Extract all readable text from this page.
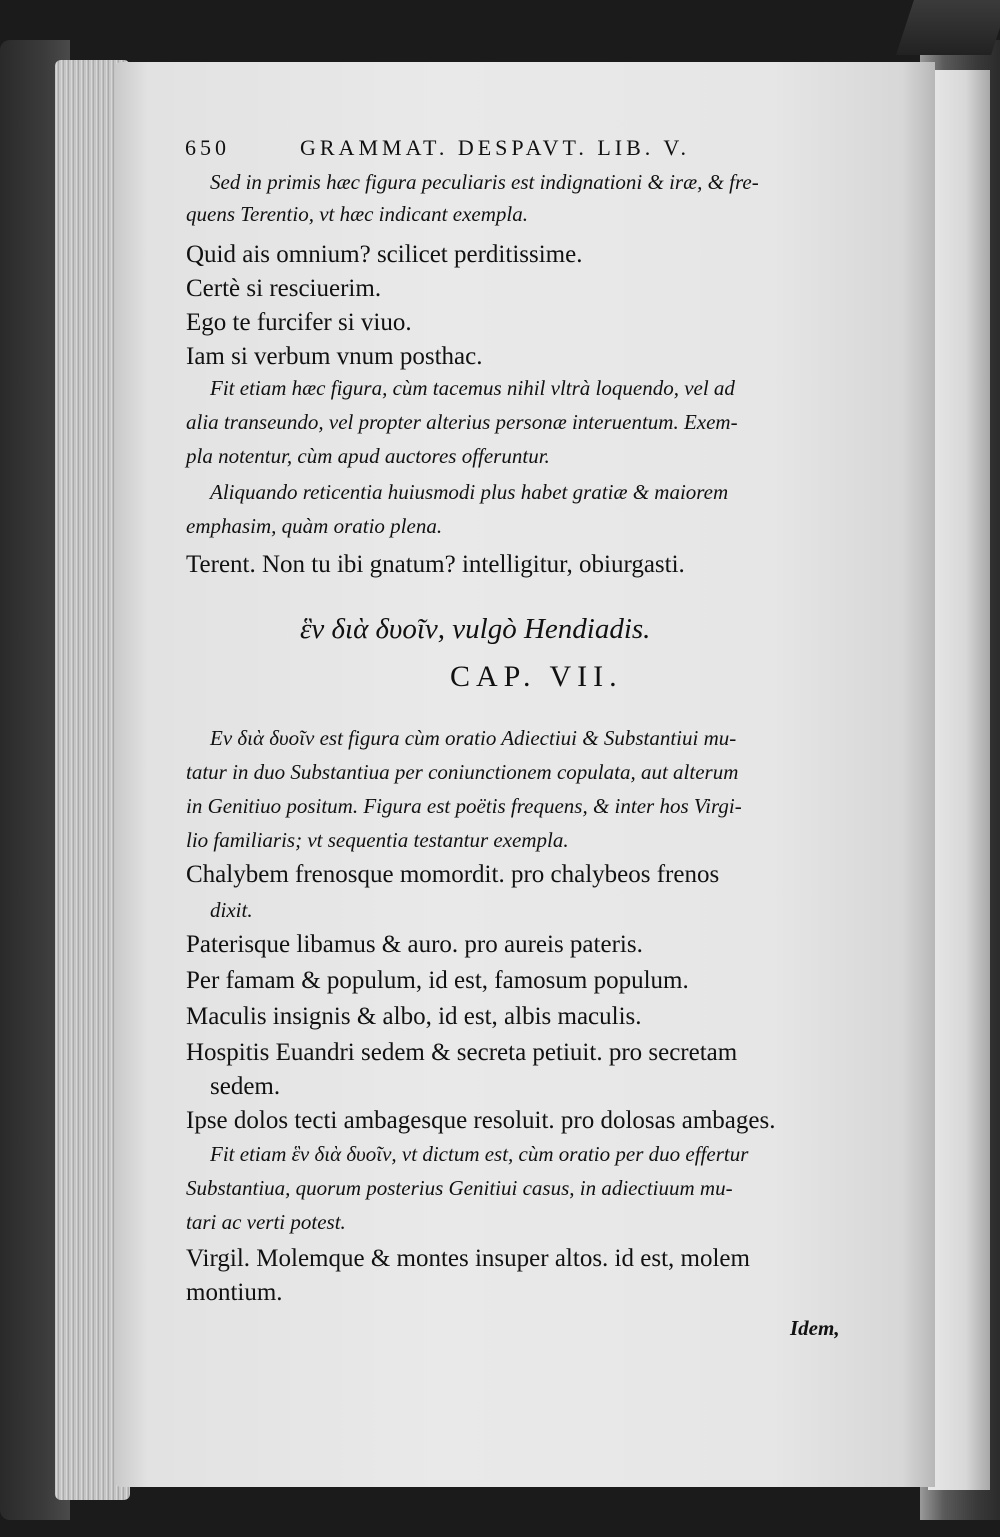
650	GRAMMAT. DESPAVT. LIB. V.
Sed in primis hæc figura peculiaris est indignationi & iræ, & fre-
quens Terentio, vt hæc indicant exempla.
Quid ais omnium? scilicet perditissime.
Certè si resciuerim.
Ego te furcifer si viuo.
Iam si verbum vnum posthac.
Fit etiam hæc figura, cùm tacemus nihil vltrà loquendo, vel ad
alia transeundo, vel propter alterius personæ interuentum. Exem-
pla notentur, cùm apud auctores offeruntur.
Aliquando reticentia huiusmodi plus habet gratiæ & maiorem
emphasim, quàm oratio plena.
Terent. Non tu ibi gnatum? intelligitur, obiurgasti.
ἓν διὰ δυοῖν, vulgò Hendiadis.
CAP. VII.
Εν διὰ δυοῖν est figura cùm oratio Adiectiui & Substantiui mu-
tatur in duo Substantiua per coniunctionem copulata, aut alterum
in Genitiuo positum. Figura est poëtis frequens, & inter hos Virgi-
lio familiaris; vt sequentia testantur exempla.
Chalybem frenosque momordit. pro chalybeos frenos
dixit.
Paterisque libamus & auro. pro aureis pateris.
Per famam & populum, id est, famosum populum.
Maculis insignis & albo, id est, albis maculis.
Hospitis Euandri sedem & secreta petiuit. pro secretam
sedem.
Ipse dolos tecti ambagesque resoluit. pro dolosas ambages.
Fit etiam ἓν διὰ δυοῖν, vt dictum est, cùm oratio per duo effertur
Substantiua, quorum posterius Genitiui casus, in adiectiuum mu-
tari ac verti potest.
Virgil. Molemque & montes insuper altos. id est, molem
montium.
Idem,
